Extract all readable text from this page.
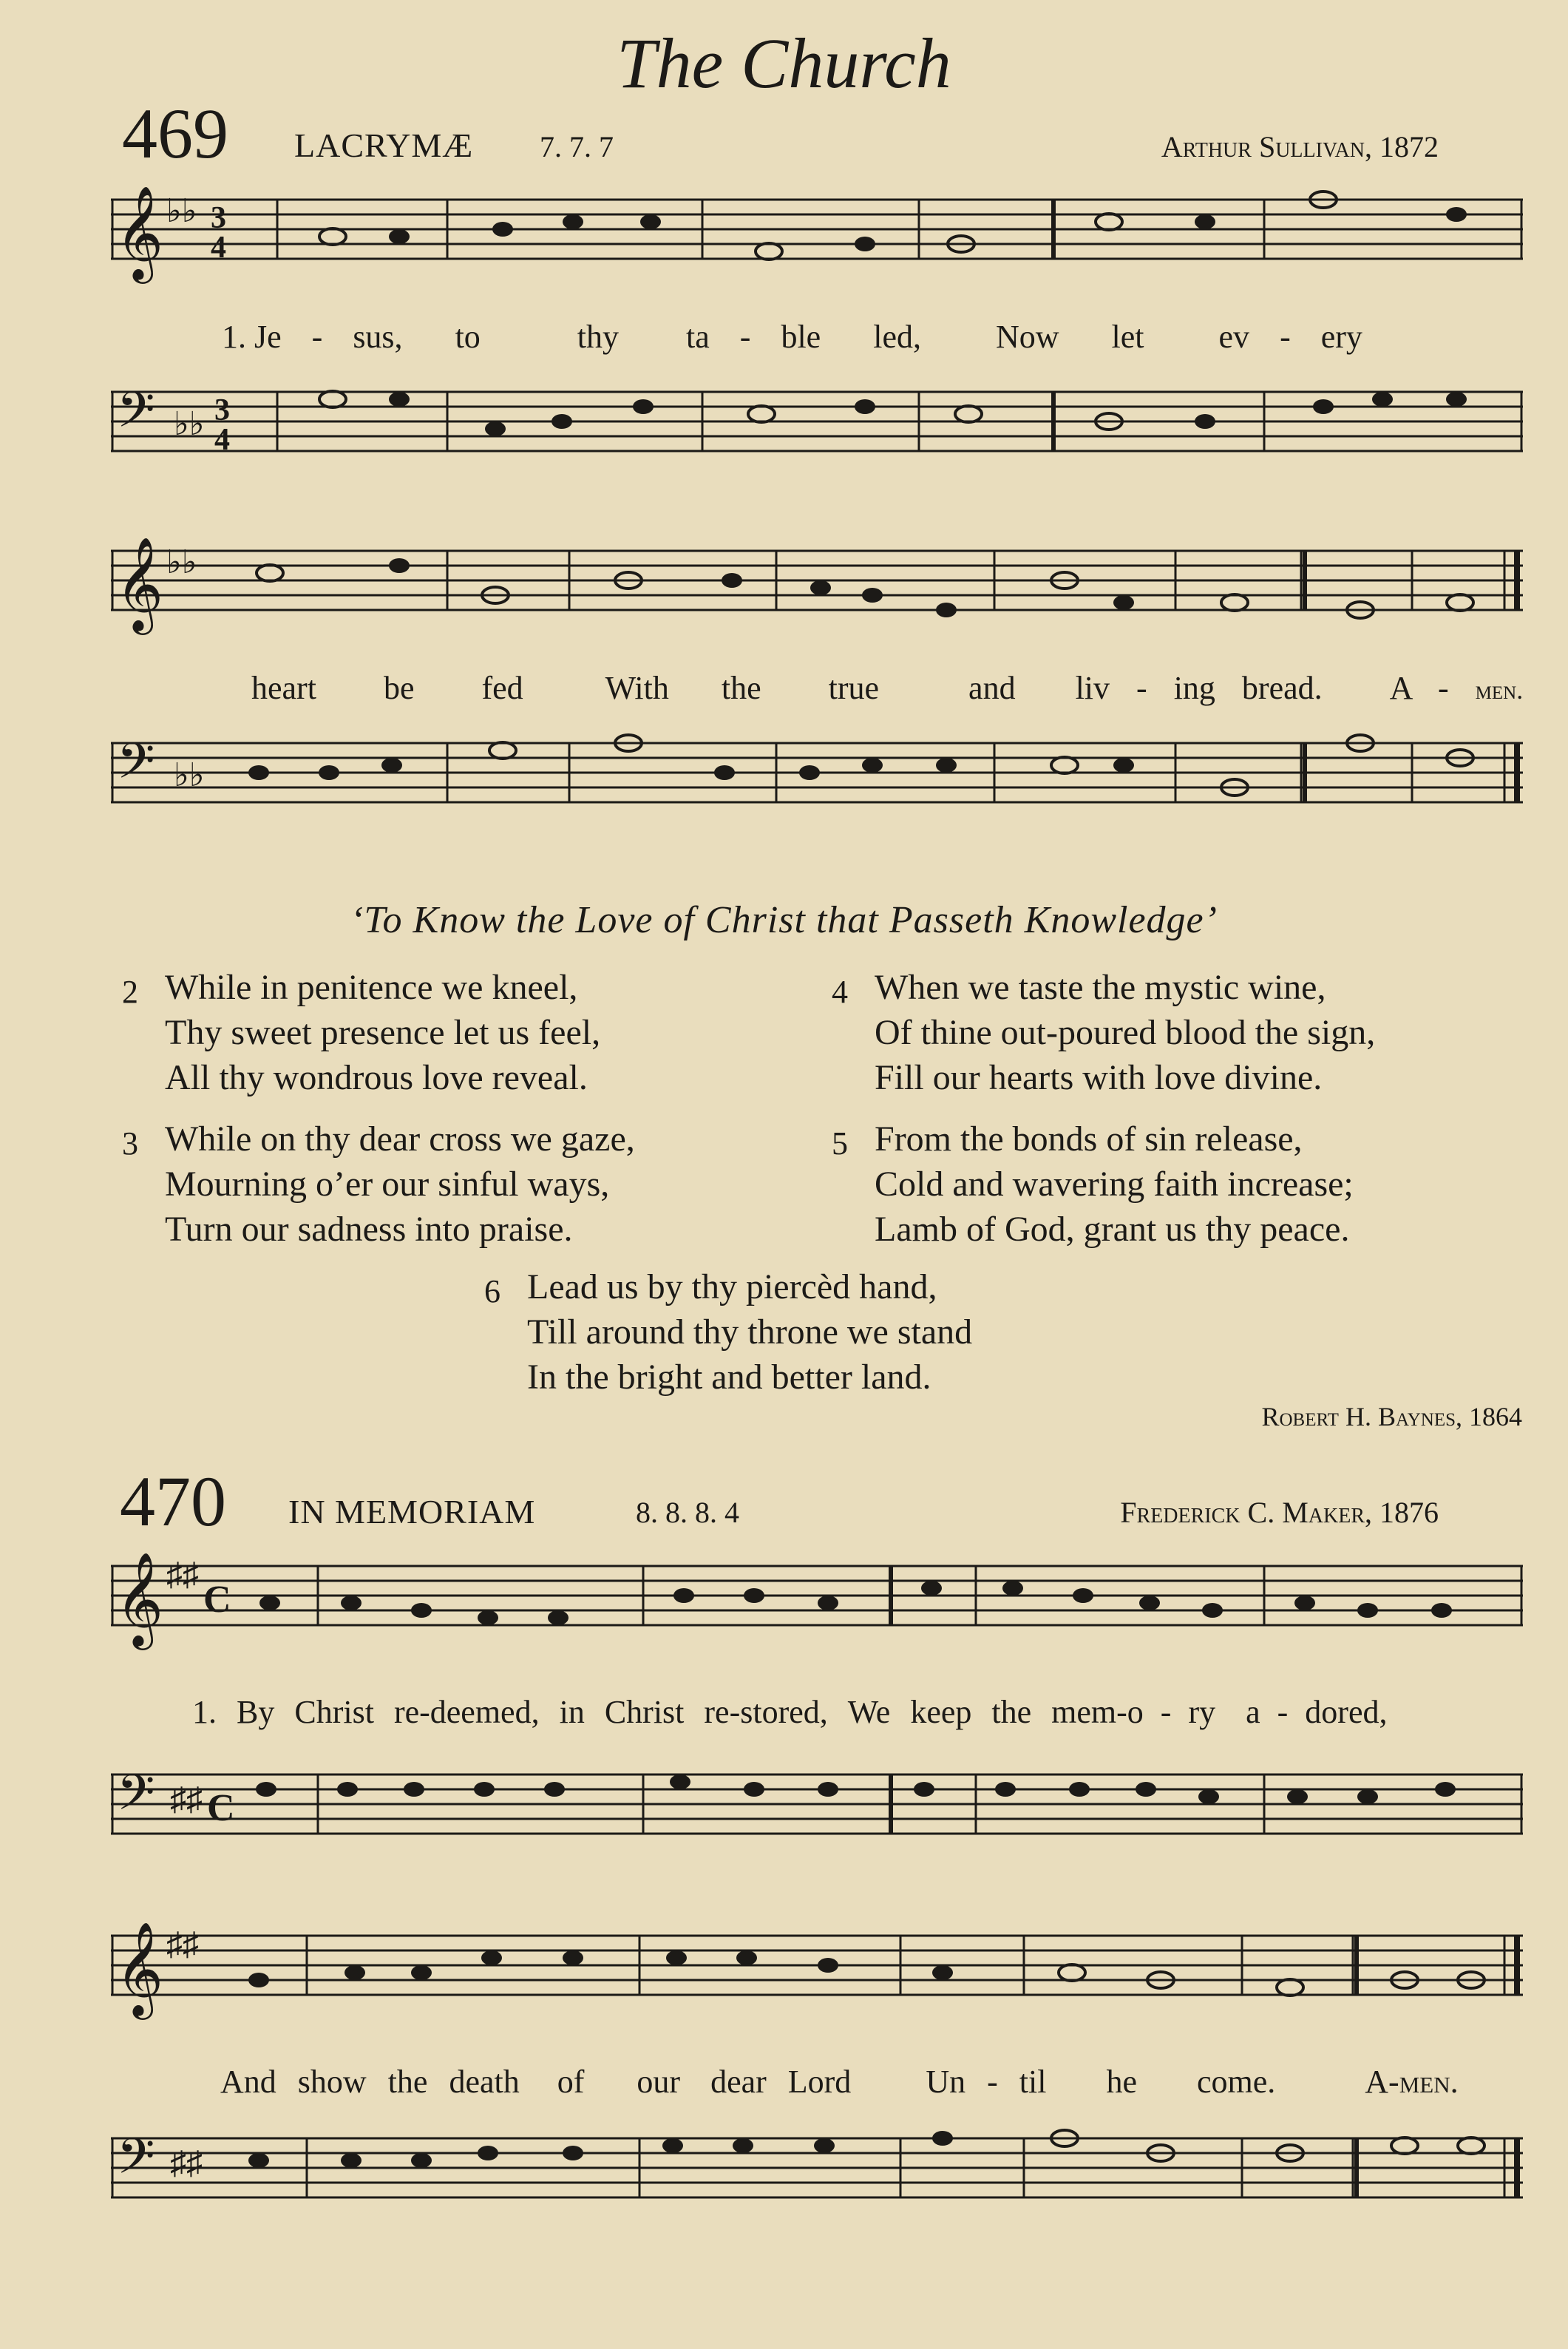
The Church
469 LACRYMÆ 7. 7. 7	Arthur Sullivan, 1872
𝄞 ♭♭ 3
4
1. Je - sus, to	thy ta - ble led, Now let ev - ery
𝄢 ♭♭ 3
4
𝄞 ♭♭
heart be fed	With the true	and liv - ing bread. A - men.
𝄢 ♭♭
‘To Know the Love of Christ that Passeth Knowledge’
2 While in penitence we kneel,
Thy sweet presence let us feel,
All thy wondrous love reveal.
3 While on thy dear cross we gaze,
Mourning o’er our sinful ways,
Turn our sadness into praise.
4 When we taste the mystic wine,
Of thine out-poured blood the sign,
Fill our hearts with love divine.
5 From the bonds of sin release,
Cold and wavering faith increase;
Lamb of God, grant us thy peace.
6 Lead us by thy piercèd hand,
Till around thy throne we stand
In the bright and better land.
Robert H. Baynes, 1864
470 IN MEMORIAM	8. 8. 8. 4	Frederick C. Maker, 1876
𝄞 ♯♯
C
1. By Christ re-deemed, in Christ re-stored, We keep the mem-o - ry a - dored,
𝄢 ♯♯ C
𝄞 ♯♯
And show the death of our dear Lord Un - til he come.	A-men.
𝄢 ♯♯
